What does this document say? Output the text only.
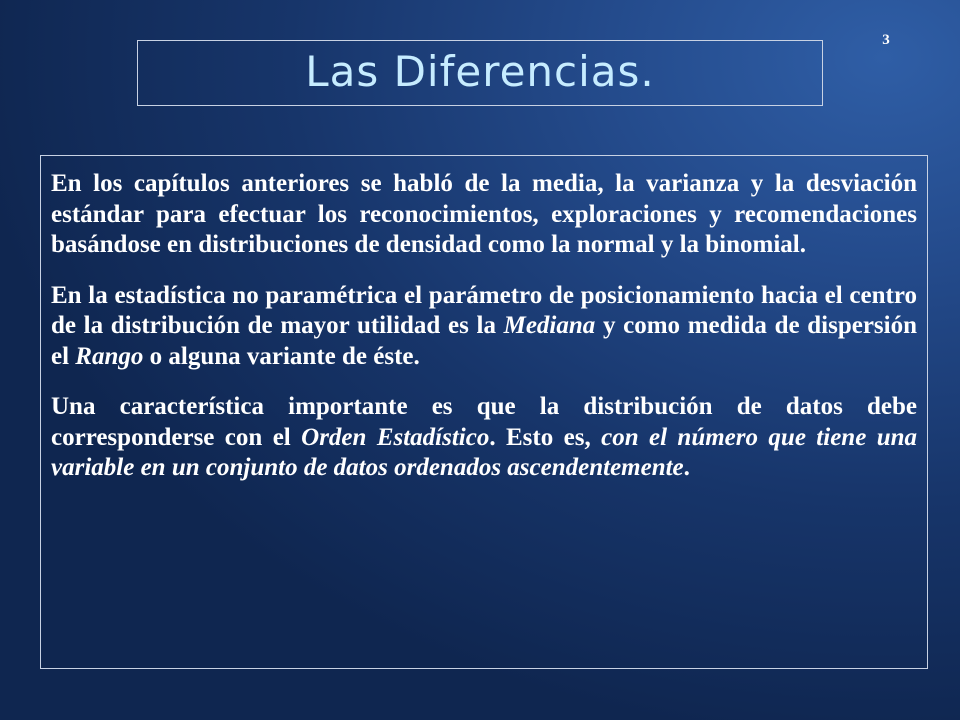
3
Las Diferencias.

En los capítulos anteriores se habló de la media, la varianza y la desviación estándar para efectuar los reconocimientos, exploraciones y recomendaciones basándose en distribuciones de densidad como la normal y la binomial.

En la estadística no paramétrica el parámetro de posicionamiento hacia el centro de la distribución de mayor utilidad es la Mediana y como medida de dispersión el Rango o alguna variante de éste.

Una característica importante es que la distribución de datos debe corresponderse con el Orden Estadístico. Esto es, con el número que tiene una variable en un conjunto de datos ordenados ascendentemente.
